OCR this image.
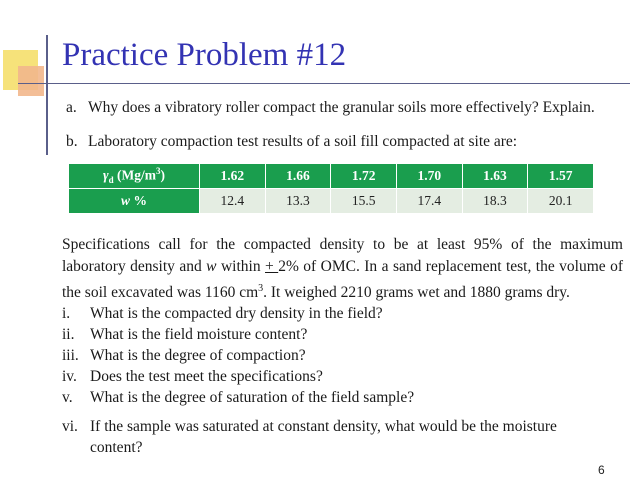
Practice Problem #12
a. Why does a vibratory roller compact the granular soils more effectively? Explain.
b. Laboratory compaction test results of a soil fill compacted at site are:
$\gamma_d$ $(Mg/m^3)$	1.62	1.66	1.72	1.70	1.63	1.57
w %	12.4	13.3	15.5	17.4	18.3	20.1
Specifications call for the compacted density to be at least 95% of the maximum laboratory density and w within + 2% of OMC. In a sand replacement test, the volume of the soil excavated was 1160 $cm^3$. It weighed 2210 grams wet and 1880 grams dry.
i.	What is the compacted dry density in the field?
ii.	What is the field moisture content?
iii. What is the degree of compaction?
iv. Does the test meet the specifications?
v.	What is the degree of saturation of the field sample?
vi. If the sample was saturated at constant density, what would be the moisture content?
6
